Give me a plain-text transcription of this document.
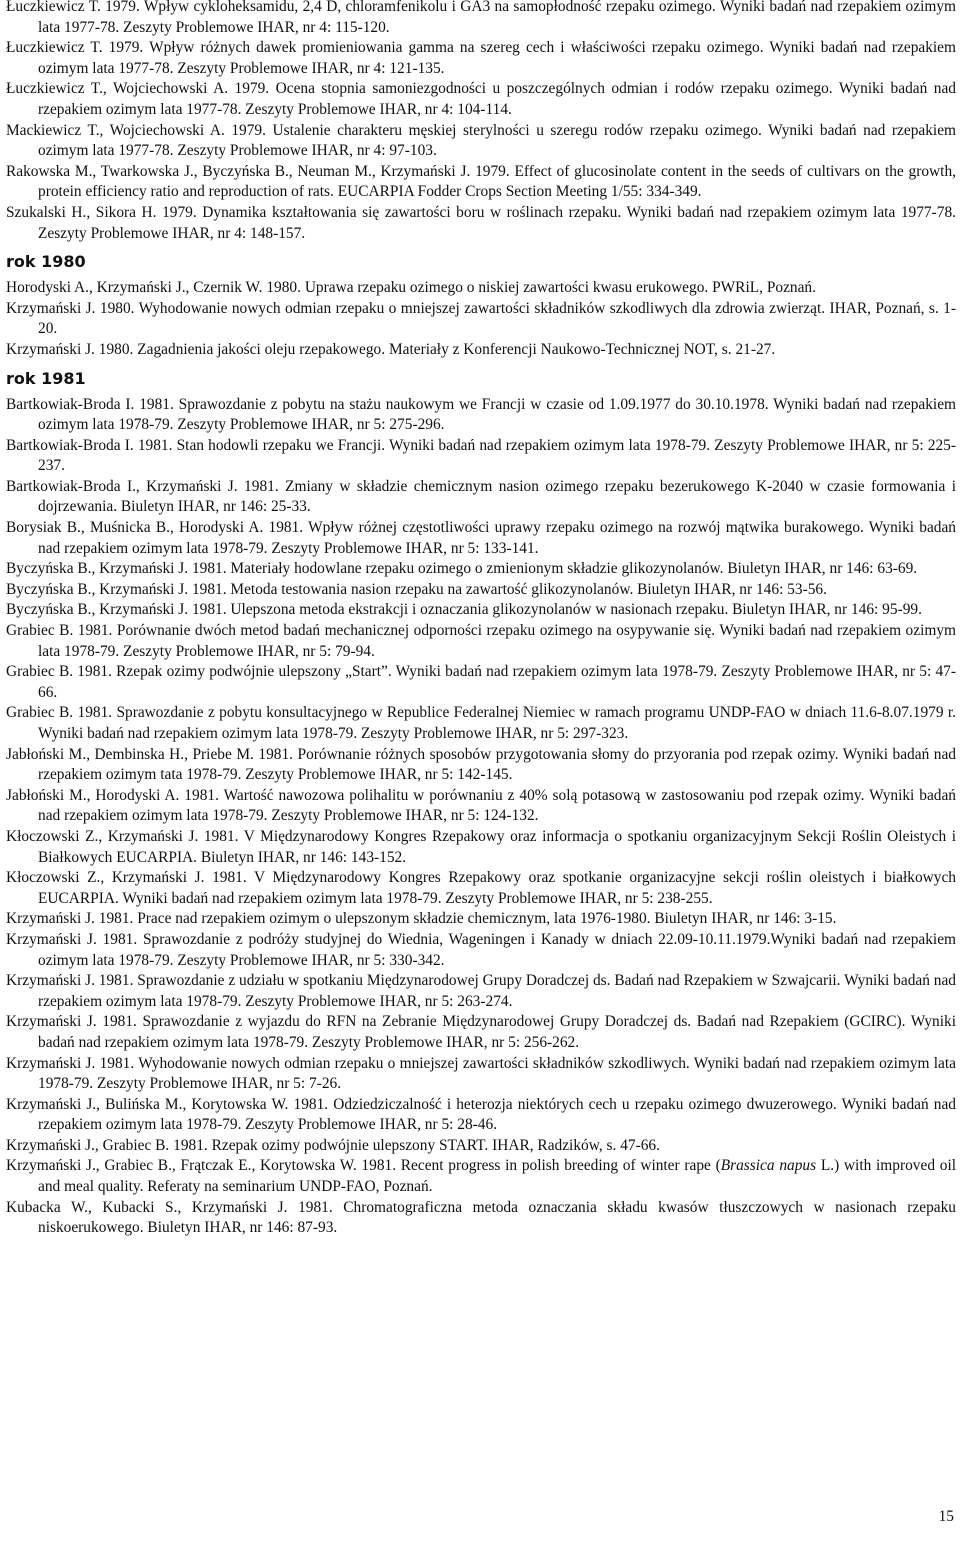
Łuczkiewicz T. 1979. Wpływ cykloheksamidu, 2,4 D, chloramfenikolu i GA3 na samopłodność rzepaku ozimego. Wyniki badań nad rzepakiem ozimym lata 1977-78. Zeszyty Problemowe IHAR, nr 4: 115-120.

Łuczkiewicz T. 1979. Wpływ różnych dawek promieniowania gamma na szereg cech i właściwości rzepaku ozimego. Wyniki badań nad rzepakiem ozimym lata 1977-78. Zeszyty Problemowe IHAR, nr 4: 121-135.

Łuczkiewicz T., Wojciechowski A. 1979. Ocena stopnia samoniezgodności u poszczególnych odmian i rodów rzepaku ozimego. Wyniki badań nad rzepakiem ozimym lata 1977-78. Zeszyty Problemowe IHAR, nr 4: 104-114.

Mackiewicz T., Wojciechowski A. 1979. Ustalenie charakteru męskiej sterylności u szeregu rodów rzepaku ozimego. Wyniki badań nad rzepakiem ozimym lata 1977-78. Zeszyty Problemowe IHAR, nr 4: 97-103.

Rakowska M., Twarkowska J., Byczyńska B., Neuman M., Krzymański J. 1979. Effect of glucosinolate content in the seeds of cultivars on the growth, protein efficiency ratio and reproduction of rats. EUCARPIA Fodder Crops Section Meeting 1/55: 334-349.

Szukalski H., Sikora H. 1979. Dynamika kształtowania się zawartości boru w roślinach rzepaku. Wyniki badań nad rzepakiem ozimym lata 1977-78. Zeszyty Problemowe IHAR, nr 4: 148-157.

rok 1980

Horodyski A., Krzymański J., Czernik W. 1980. Uprawa rzepaku ozimego o niskiej zawartości kwasu erukowego. PWRiL, Poznań.

Krzymański J. 1980. Wyhodowanie nowych odmian rzepaku o mniejszej zawartości składników szkodliwych dla zdrowia zwierząt. IHAR, Poznań, s. 1-20.

Krzymański J. 1980. Zagadnienia jakości oleju rzepakowego. Materiały z Konferencji Naukowo-Technicznej NOT, s. 21-27.

rok 1981

Bartkowiak-Broda I. 1981. Sprawozdanie z pobytu na stażu naukowym we Francji w czasie od 1.09.1977 do 30.10.1978. Wyniki badań nad rzepakiem ozimym lata 1978-79. Zeszyty Problemowe IHAR, nr 5: 275-296.

Bartkowiak-Broda I. 1981. Stan hodowli rzepaku we Francji. Wyniki badań nad rzepakiem ozimym lata 1978-79. Zeszyty Problemowe IHAR, nr 5: 225-237.

Bartkowiak-Broda I., Krzymański J. 1981. Zmiany w składzie chemicznym nasion ozimego rzepaku bezerukowego K-2040 w czasie formowania i dojrzewania. Biuletyn IHAR, nr 146: 25-33.

Borysiak B., Muśnicka B., Horodyski A. 1981. Wpływ różnej częstotliwości uprawy rzepaku ozimego na rozwój mątwika burakowego. Wyniki badań nad rzepakiem ozimym lata 1978-79. Zeszyty Problemowe IHAR, nr 5: 133-141.

Byczyńska B., Krzymański J. 1981. Materiały hodowlane rzepaku ozimego o zmienionym składzie glikozynolanów. Biuletyn IHAR, nr 146: 63-69.

Byczyńska B., Krzymański J. 1981. Metoda testowania nasion rzepaku na zawartość glikozynolanów. Biuletyn IHAR, nr 146: 53-56.

Byczyńska B., Krzymański J. 1981. Ulepszona metoda ekstrakcji i oznaczania glikozynolanów w nasionach rzepaku. Biuletyn IHAR, nr 146: 95-99.

Grabiec B. 1981. Porównanie dwóch metod badań mechanicznej odporności rzepaku ozimego na osypywanie się. Wyniki badań nad rzepakiem ozimym lata 1978-79. Zeszyty Problemowe IHAR, nr 5: 79-94.

Grabiec B. 1981. Rzepak ozimy podwójnie ulepszony „Start”. Wyniki badań nad rzepakiem ozimym lata 1978-79. Zeszyty Problemowe IHAR, nr 5: 47-66.

Grabiec B. 1981. Sprawozdanie z pobytu konsultacyjnego w Republice Federalnej Niemiec w ramach programu UNDP-FAO w dniach 11.6-8.07.1979 r. Wyniki badań nad rzepakiem ozimym lata 1978-79. Zeszyty Problemowe IHAR, nr 5: 297-323.

Jabłoński M., Dembinska H., Priebe M. 1981. Porównanie różnych sposobów przygotowania słomy do przyorania pod rzepak ozimy. Wyniki badań nad rzepakiem ozimym tata 1978-79. Zeszyty Problemowe IHAR, nr 5: 142-145.

Jabłoński M., Horodyski A. 1981. Wartość nawozowa polihalitu w porównaniu z 40% solą potasową w zastosowaniu pod rzepak ozimy. Wyniki badań nad rzepakiem ozimym lata 1978-79. Zeszyty Problemowe IHAR, nr 5: 124-132.

Kłoczowski Z., Krzymański J. 1981. V Międzynarodowy Kongres Rzepakowy oraz informacja o spotkaniu organizacyjnym Sekcji Roślin Oleistych i Białkowych EUCARPIA. Biuletyn IHAR, nr 146: 143-152.

Kłoczowski Z., Krzymański J. 1981. V Międzynarodowy Kongres Rzepakowy oraz spotkanie organizacyjne sekcji roślin oleistych i białkowych EUCARPIA. Wyniki badań nad rzepakiem ozimym lata 1978-79. Zeszyty Problemowe IHAR, nr 5: 238-255.

Krzymański J. 1981. Prace nad rzepakiem ozimym o ulepszonym składzie chemicznym, lata 1976-1980. Biuletyn IHAR, nr 146: 3-15.

Krzymański J. 1981. Sprawozdanie z podróży studyjnej do Wiednia, Wageningen i Kanady w dniach 22.09-10.11.1979.Wyniki badań nad rzepakiem ozimym lata 1978-79. Zeszyty Problemowe IHAR, nr 5: 330-342.

Krzymański J. 1981. Sprawozdanie z udziału w spotkaniu Międzynarodowej Grupy Doradczej ds. Badań nad Rzepakiem w Szwajcarii. Wyniki badań nad rzepakiem ozimym lata 1978-79. Zeszyty Problemowe IHAR, nr 5: 263-274.

Krzymański J. 1981. Sprawozdanie z wyjazdu do RFN na Zebranie Międzynarodowej Grupy Doradczej ds. Badań nad Rzepakiem (GCIRC). Wyniki badań nad rzepakiem ozimym lata 1978-79. Zeszyty Problemowe IHAR, nr 5: 256-262.

Krzymański J. 1981. Wyhodowanie nowych odmian rzepaku o mniejszej zawartości składników szkodliwych. Wyniki badań nad rzepakiem ozimym lata 1978-79. Zeszyty Problemowe IHAR, nr 5: 7-26.

Krzymański J., Bulińska M., Korytowska W. 1981. Odziedziczalność i heterozja niektórych cech u rzepaku ozimego dwuzerowego. Wyniki badań nad rzepakiem ozimym lata 1978-79. Zeszyty Problemowe IHAR, nr 5: 28-46.

Krzymański J., Grabiec B. 1981. Rzepak ozimy podwójnie ulepszony START. IHAR, Radzików, s. 47-66.

Krzymański J., Grabiec B., Frątczak E., Korytowska W. 1981. Recent progress in polish breeding of winter rape (Brassica napus L.) with improved oil and meal quality. Referaty na seminarium UNDP-FAO, Poznań.

Kubacka W., Kubacki S., Krzymański J. 1981. Chromatograficzna metoda oznaczania składu kwasów tłuszczowych w nasionach rzepaku niskoerukowego. Biuletyn IHAR, nr 146: 87-93.

15
